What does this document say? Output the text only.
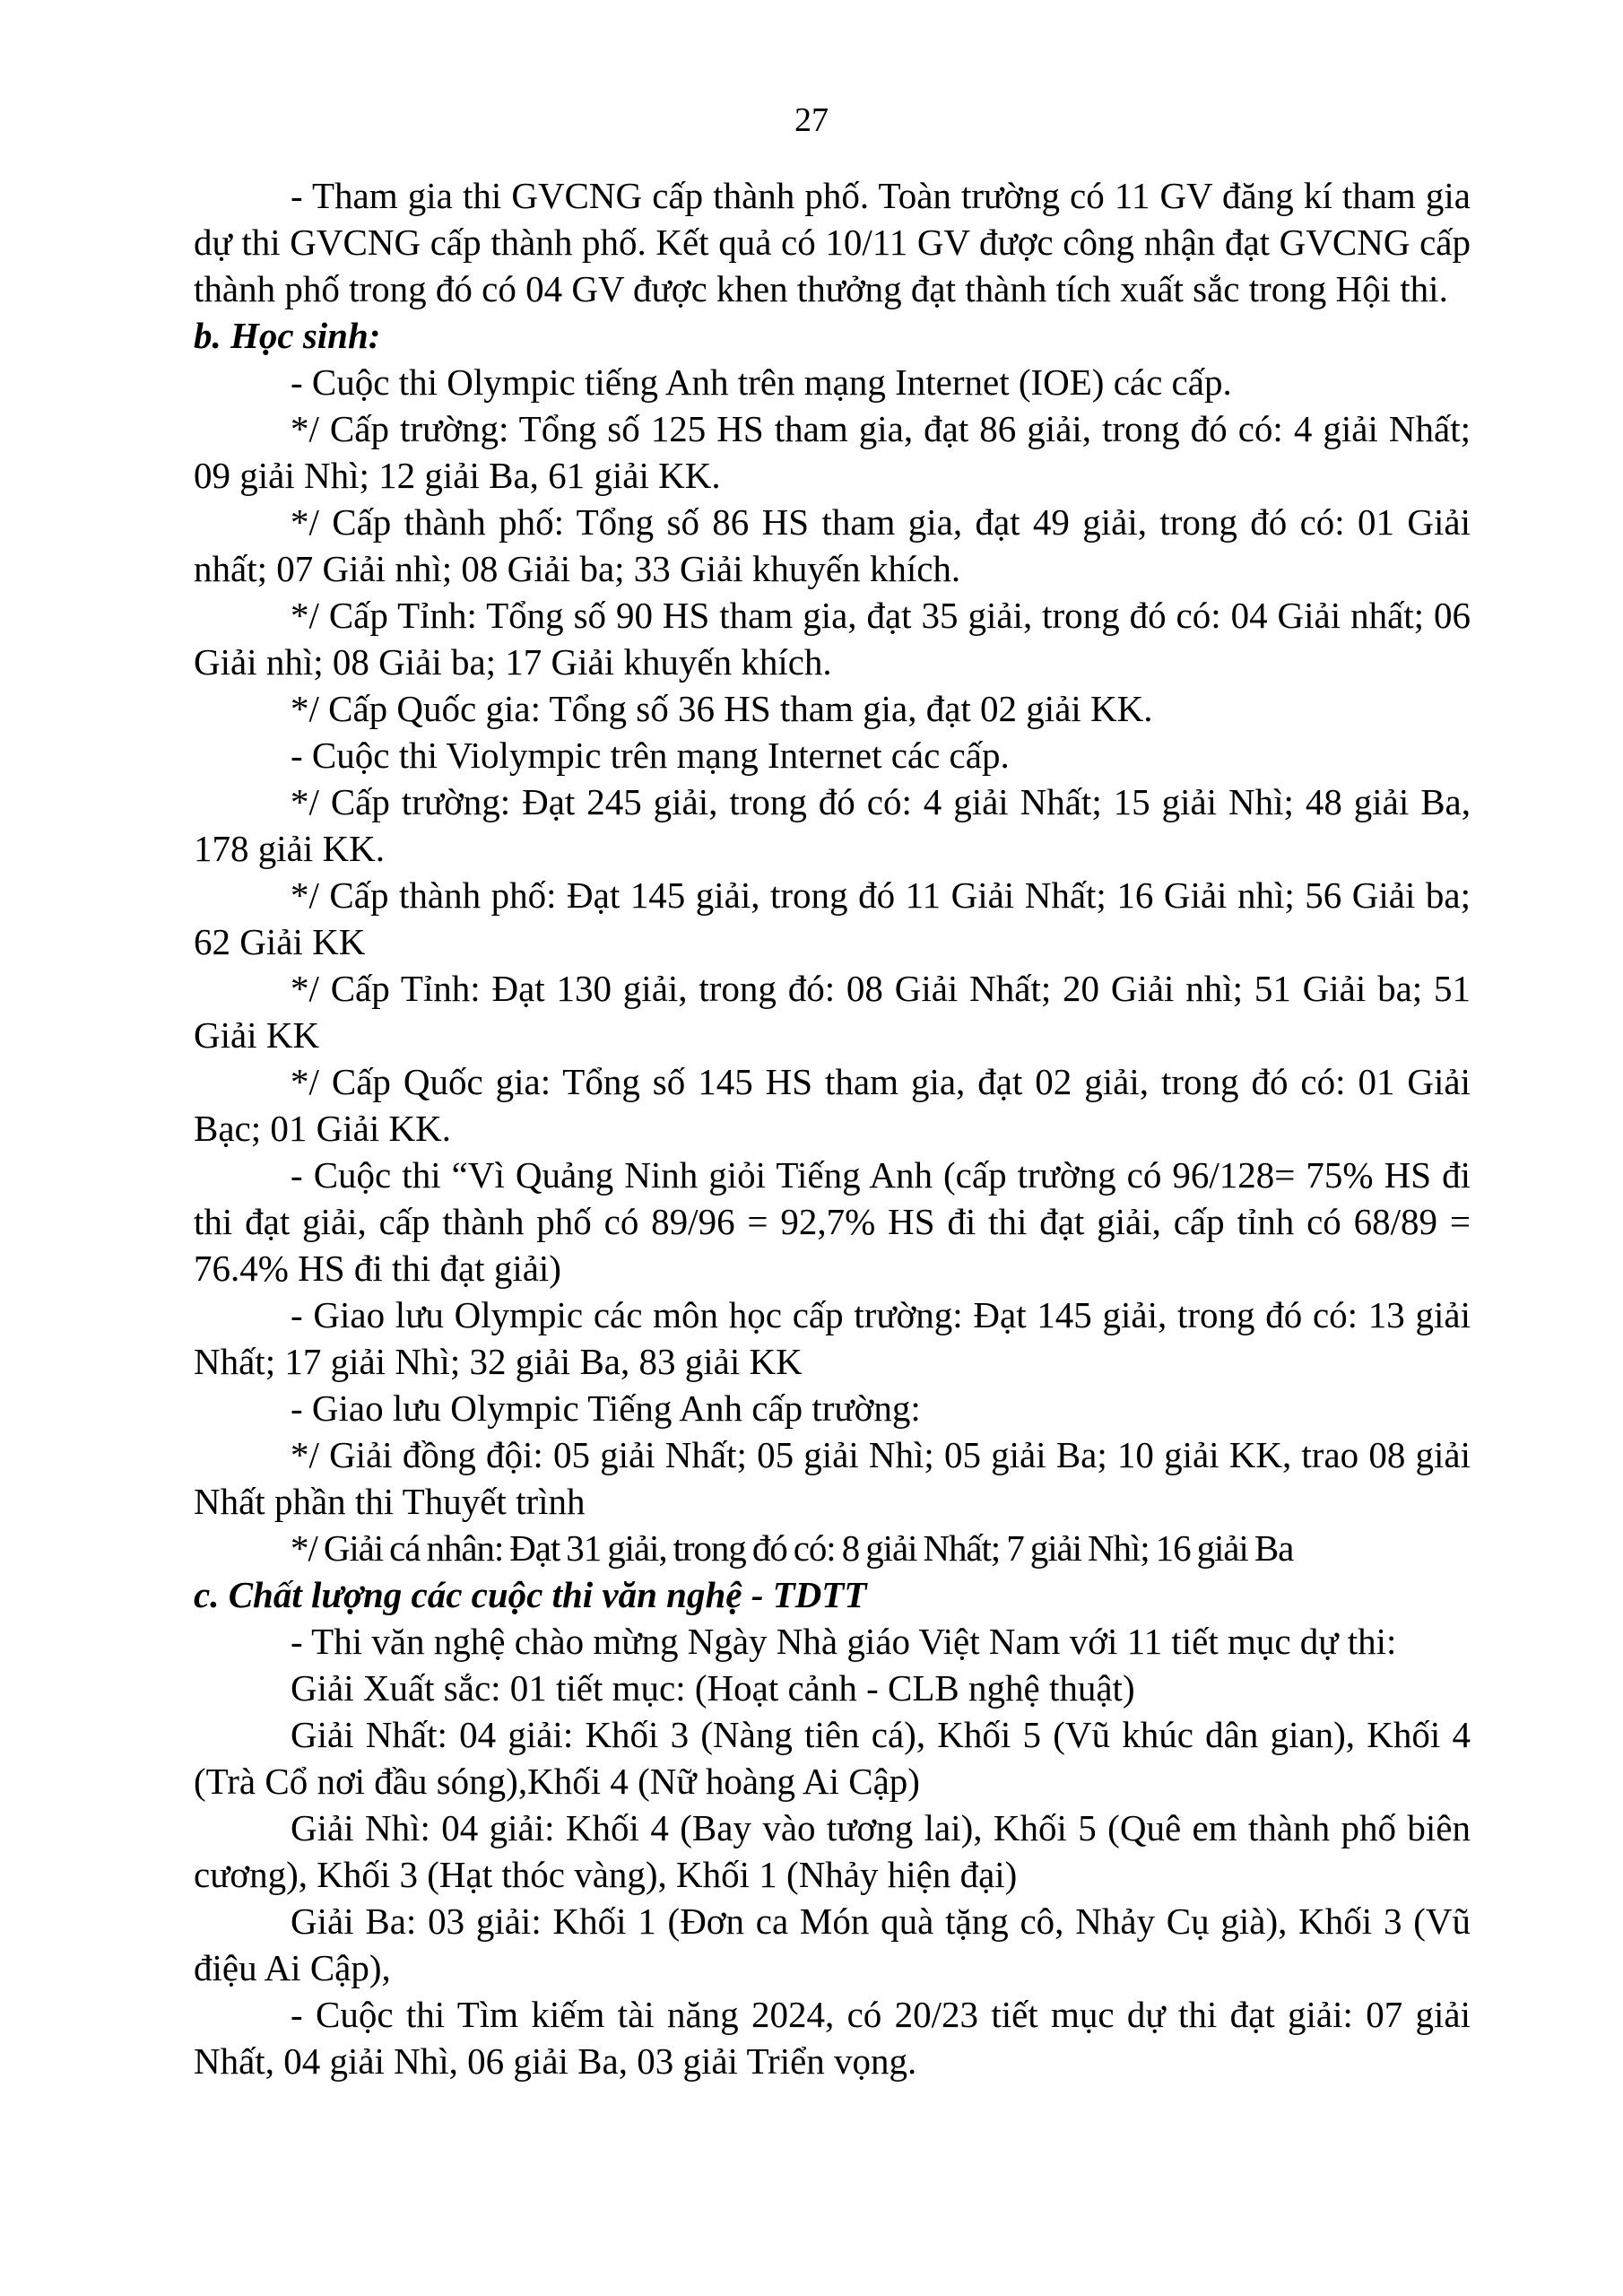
27

- Tham gia thi GVCNG cấp thành phố. Toàn trường có 11 GV đăng kí tham gia dự thi GVCNG cấp thành phố. Kết quả có 10/11 GV được công nhận đạt GVCNG cấp thành phố trong đó có 04 GV được khen thưởng đạt thành tích xuất sắc trong Hội thi.

b. Học sinh:

- Cuộc thi Olympic tiếng Anh trên mạng Internet (IOE) các cấp.

*/ Cấp trường: Tổng số 125 HS tham gia, đạt 86 giải, trong đó có: 4 giải Nhất; 09 giải Nhì; 12 giải Ba, 61 giải KK.

*/ Cấp thành phố: Tổng số 86 HS tham gia, đạt 49 giải, trong đó có: 01 Giải nhất; 07 Giải nhì; 08 Giải ba; 33 Giải khuyến khích.

*/ Cấp Tỉnh: Tổng số 90 HS tham gia, đạt 35 giải, trong đó có: 04 Giải nhất; 06 Giải nhì; 08 Giải ba; 17 Giải khuyến khích.

*/ Cấp Quốc gia: Tổng số 36 HS tham gia, đạt 02 giải KK.

- Cuộc thi Violympic trên mạng Internet các cấp.

*/ Cấp trường: Đạt 245 giải, trong đó có: 4 giải Nhất; 15 giải Nhì; 48 giải Ba, 178 giải KK.

*/ Cấp thành phố: Đạt 145 giải, trong đó 11 Giải Nhất; 16 Giải nhì; 56 Giải ba; 62 Giải KK

*/ Cấp Tỉnh: Đạt 130 giải, trong đó: 08 Giải Nhất; 20 Giải nhì; 51 Giải ba; 51 Giải KK

*/ Cấp Quốc gia: Tổng số 145 HS tham gia, đạt 02 giải, trong đó có: 01 Giải Bạc; 01 Giải KK.

- Cuộc thi “Vì Quảng Ninh giỏi Tiếng Anh (cấp trường có 96/128= 75% HS đi thi đạt giải, cấp thành phố có 89/96 = 92,7% HS đi thi đạt giải, cấp tỉnh có 68/89 = 76.4% HS đi thi đạt giải)

- Giao lưu Olympic các môn học cấp trường: Đạt 145 giải, trong đó có: 13 giải Nhất; 17 giải Nhì; 32 giải Ba, 83 giải KK

- Giao lưu Olympic Tiếng Anh cấp trường:

*/ Giải đồng đội: 05 giải Nhất; 05 giải Nhì; 05 giải Ba; 10 giải KK, trao 08 giải Nhất phần thi Thuyết trình

*/ Giải cá nhân: Đạt 31 giải, trong đó có: 8 giải Nhất; 7 giải Nhì; 16 giải Ba

c. Chất lượng các cuộc thi văn nghệ - TDTT

- Thi văn nghệ chào mừng Ngày Nhà giáo Việt Nam với 11 tiết mục dự thi:

Giải Xuất sắc: 01 tiết mục: (Hoạt cảnh - CLB nghệ thuật)

Giải Nhất: 04 giải: Khối 3 (Nàng tiên cá), Khối 5 (Vũ khúc dân gian), Khối 4 (Trà Cổ nơi đầu sóng),Khối 4 (Nữ hoàng Ai Cập)

Giải Nhì: 04 giải: Khối 4 (Bay vào tương lai), Khối 5 (Quê em thành phố biên cương), Khối 3 (Hạt thóc vàng), Khối 1 (Nhảy hiện đại)

Giải Ba: 03 giải: Khối 1 (Đơn ca Món quà tặng cô, Nhảy Cụ già), Khối 3 (Vũ điệu Ai Cập),

- Cuộc thi Tìm kiếm tài năng 2024, có 20/23 tiết mục dự thi đạt giải: 07 giải Nhất, 04 giải Nhì, 06 giải Ba, 03 giải Triển vọng.
